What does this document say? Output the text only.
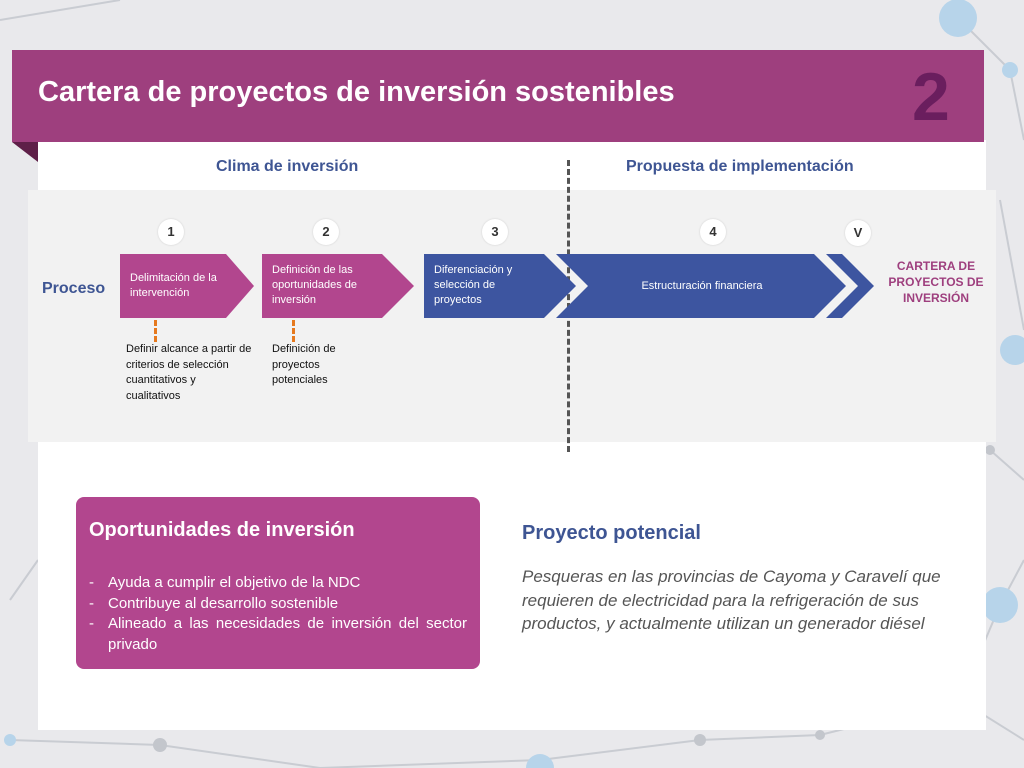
Cartera de proyectos de inversión sostenibles	2
Clima de inversión	Propuesta de implementación
1	2	3	4	V
Proceso
Delimitación de la intervención
Definición de las oportunidades de inversión
Diferenciación y selección de proyectos
Estructuración financiera
CARTERA DE PROYECTOS DE INVERSIÓN
Definir alcance a partir de criterios de selección cuantitativos y cualitativos
Definición de proyectos potenciales
Oportunidades de inversión
- Ayuda a cumplir el objetivo de la NDC
- Contribuye al desarrollo sostenible
- Alineado a las necesidades de inversión del sector privado
Proyecto potencial
Pesqueras en las provincias de Cayoma y Caravelí que requieren de electricidad para la refrigeración de sus productos, y actualmente utilizan un generador diésel
